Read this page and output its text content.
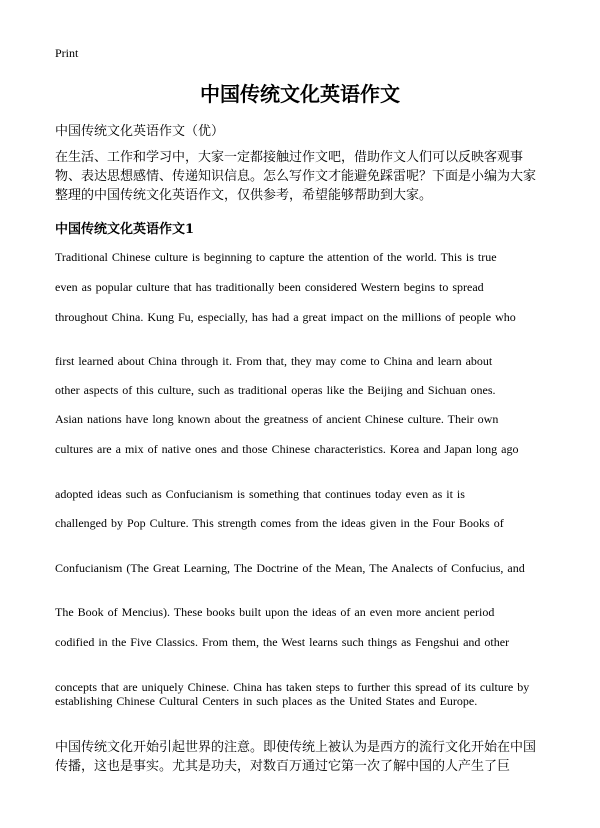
Print
中国传统文化英语作文
中国传统文化英语作文（优）
在生活、工作和学习中，大家一定都接触过作文吧，借助作文人们可以反映客观事物、表达思想感情、传递知识信息。怎么写作文才能避免踩雷呢？下面是小编为大家整理的中国传统文化英语作文，仅供参考，希望能够帮助到大家。
中国传统文化英语作文1
Traditional Chinese culture is beginning to capture the attention of the world. This is true
even as popular culture that has traditionally been considered Western begins to spread
throughout China. Kung Fu, especially, has had a great impact on the millions of people who
first learned about China through it. From that, they may come to China and learn about
other aspects of this culture, such as traditional operas like the Beijing and Sichuan ones.
Asian nations have long known about the greatness of ancient Chinese culture. Their own
cultures are a mix of native ones and those Chinese characteristics. Korea and Japan long ago
adopted ideas such as Confucianism is something that continues today even as it is
challenged by Pop Culture. This strength comes from the ideas given in the Four Books of
Confucianism (The Great Learning, The Doctrine of the Mean, The Analects of Confucius, and
The Book of Mencius). These books built upon the ideas of an even more ancient period
codified in the Five Classics. From them, the West learns such things as Fengshui and other
concepts that are uniquely Chinese. China has taken steps to further this spread of its culture by establishing Chinese Cultural Centers in such places as the United States and Europe.
中国传统文化开始引起世界的注意。即使传统上被认为是西方的流行文化开始在中国传播，这也是事实。尤其是功夫，对数百万通过它第一次了解中国的人产生了巨
